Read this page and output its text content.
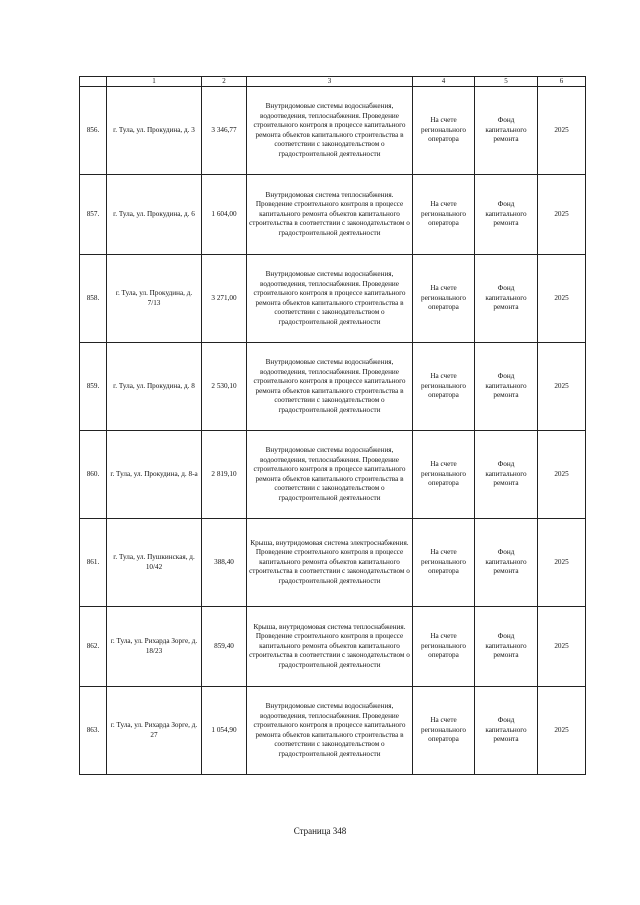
	1	2	3	4	5	6
856.	г. Тула, ул. Прокудина, д. 3	3 346,77	Внутридомовые системы водоснабжения, водоотведения, теплоснабжения. Проведение строительного контроля в процессе капитального ремонта объектов капитального строительства в соответствии с законодательством о градостроительной деятельности	На счете регионального оператора	Фонд капитального ремонта	2025
857.	г. Тула, ул. Прокудина, д. 6	1 604,00	Внутридомовая система теплоснабжения. Проведение строительного контроля в процессе капитального ремонта объектов капитального строительства в соответствии с законодательством о градостроительной деятельности	На счете регионального оператора	Фонд капитального ремонта	2025
858.	г. Тула, ул. Прокудина, д. 7/13	3 271,00	Внутридомовые системы водоснабжения, водоотведения, теплоснабжения. Проведение строительного контроля в процессе капитального ремонта объектов капитального строительства в соответствии с законодательством о градостроительной деятельности	На счете регионального оператора	Фонд капитального ремонта	2025
859.	г. Тула, ул. Прокудина, д. 8	2 530,10	Внутридомовые системы водоснабжения, водоотведения, теплоснабжения. Проведение строительного контроля в процессе капитального ремонта объектов капитального строительства в соответствии с законодательством о градостроительной деятельности	На счете регионального оператора	Фонд капитального ремонта	2025
860.	г. Тула, ул. Прокудина, д. 8-а	2 819,10	Внутридомовые системы водоснабжения, водоотведения, теплоснабжения. Проведение строительного контроля в процессе капитального ремонта объектов капитального строительства в соответствии с законодательством о градостроительной деятельности	На счете регионального оператора	Фонд капитального ремонта	2025
861.	г. Тула, ул. Пушкинская, д. 10/42	388,40	Крыша, внутридомовая система электроснабжения. Проведение строительного контроля в процессе капитального ремонта объектов капитального строительства в соответствии с законодательством о градостроительной деятельности	На счете регионального оператора	Фонд капитального ремонта	2025
862.	г. Тула, ул. Рихарда Зорге, д. 18/23	859,40	Крыша, внутридомовая система теплоснабжения. Проведение строительного контроля в процессе капитального ремонта объектов капитального строительства в соответствии с законодательством о градостроительной деятельности	На счете регионального оператора	Фонд капитального ремонта	2025
863.	г. Тула, ул. Рихарда Зорге, д. 27	1 054,90	Внутридомовые системы водоснабжения, водоотведения, теплоснабжения. Проведение строительного контроля в процессе капитального ремонта объектов капитального строительства в соответствии с законодательством о градостроительной деятельности	На счете регионального оператора	Фонд капитального ремонта	2025
Страница 348
